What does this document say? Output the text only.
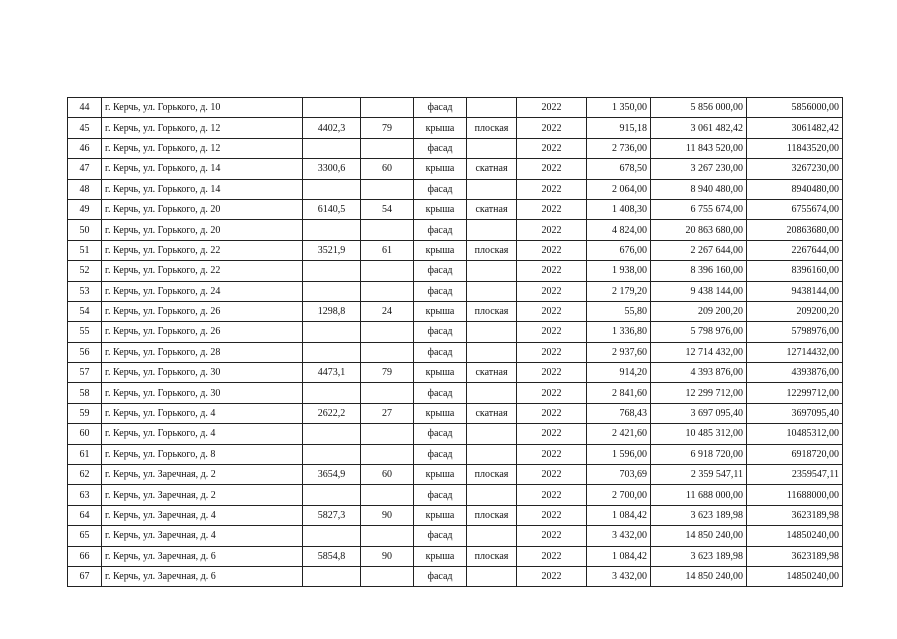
44	г. Керчь, ул. Горького, д. 10			фасад		2022	1 350,00	5 856 000,00	5856000,00
45	г. Керчь, ул. Горького, д. 12	4402,3	79	крыша	плоская	2022	915,18	3 061 482,42	3061482,42
46	г. Керчь, ул. Горького, д. 12			фасад		2022	2 736,00	11 843 520,00	11843520,00
47	г. Керчь, ул. Горького, д. 14	3300,6	60	крыша	скатная	2022	678,50	3 267 230,00	3267230,00
48	г. Керчь, ул. Горького, д. 14			фасад		2022	2 064,00	8 940 480,00	8940480,00
49	г. Керчь, ул. Горького, д. 20	6140,5	54	крыша	скатная	2022	1 408,30	6 755 674,00	6755674,00
50	г. Керчь, ул. Горького, д. 20			фасад		2022	4 824,00	20 863 680,00	20863680,00
51	г. Керчь, ул. Горького, д. 22	3521,9	61	крыша	плоская	2022	676,00	2 267 644,00	2267644,00
52	г. Керчь, ул. Горького, д. 22			фасад		2022	1 938,00	8 396 160,00	8396160,00
53	г. Керчь, ул. Горького, д. 24			фасад		2022	2 179,20	9 438 144,00	9438144,00
54	г. Керчь, ул. Горького, д. 26	1298,8	24	крыша	плоская	2022	55,80	209 200,20	209200,20
55	г. Керчь, ул. Горького, д. 26			фасад		2022	1 336,80	5 798 976,00	5798976,00
56	г. Керчь, ул. Горького, д. 28			фасад		2022	2 937,60	12 714 432,00	12714432,00
57	г. Керчь, ул. Горького, д. 30	4473,1	79	крыша	скатная	2022	914,20	4 393 876,00	4393876,00
58	г. Керчь, ул. Горького, д. 30			фасад		2022	2 841,60	12 299 712,00	12299712,00
59	г. Керчь, ул. Горького, д. 4	2622,2	27	крыша	скатная	2022	768,43	3 697 095,40	3697095,40
60	г. Керчь, ул. Горького, д. 4			фасад		2022	2 421,60	10 485 312,00	10485312,00
61	г. Керчь, ул. Горького, д. 8			фасад		2022	1 596,00	6 918 720,00	6918720,00
62	г. Керчь, ул. Заречная, д. 2	3654,9	60	крыша	плоская	2022	703,69	2 359 547,11	2359547,11
63	г. Керчь, ул. Заречная, д. 2			фасад		2022	2 700,00	11 688 000,00	11688000,00
64	г. Керчь, ул. Заречная, д. 4	5827,3	90	крыша	плоская	2022	1 084,42	3 623 189,98	3623189,98
65	г. Керчь, ул. Заречная, д. 4			фасад		2022	3 432,00	14 850 240,00	14850240,00
66	г. Керчь, ул. Заречная, д. 6	5854,8	90	крыша	плоская	2022	1 084,42	3 623 189,98	3623189,98
67	г. Керчь, ул. Заречная, д. 6			фасад		2022	3 432,00	14 850 240,00	14850240,00
